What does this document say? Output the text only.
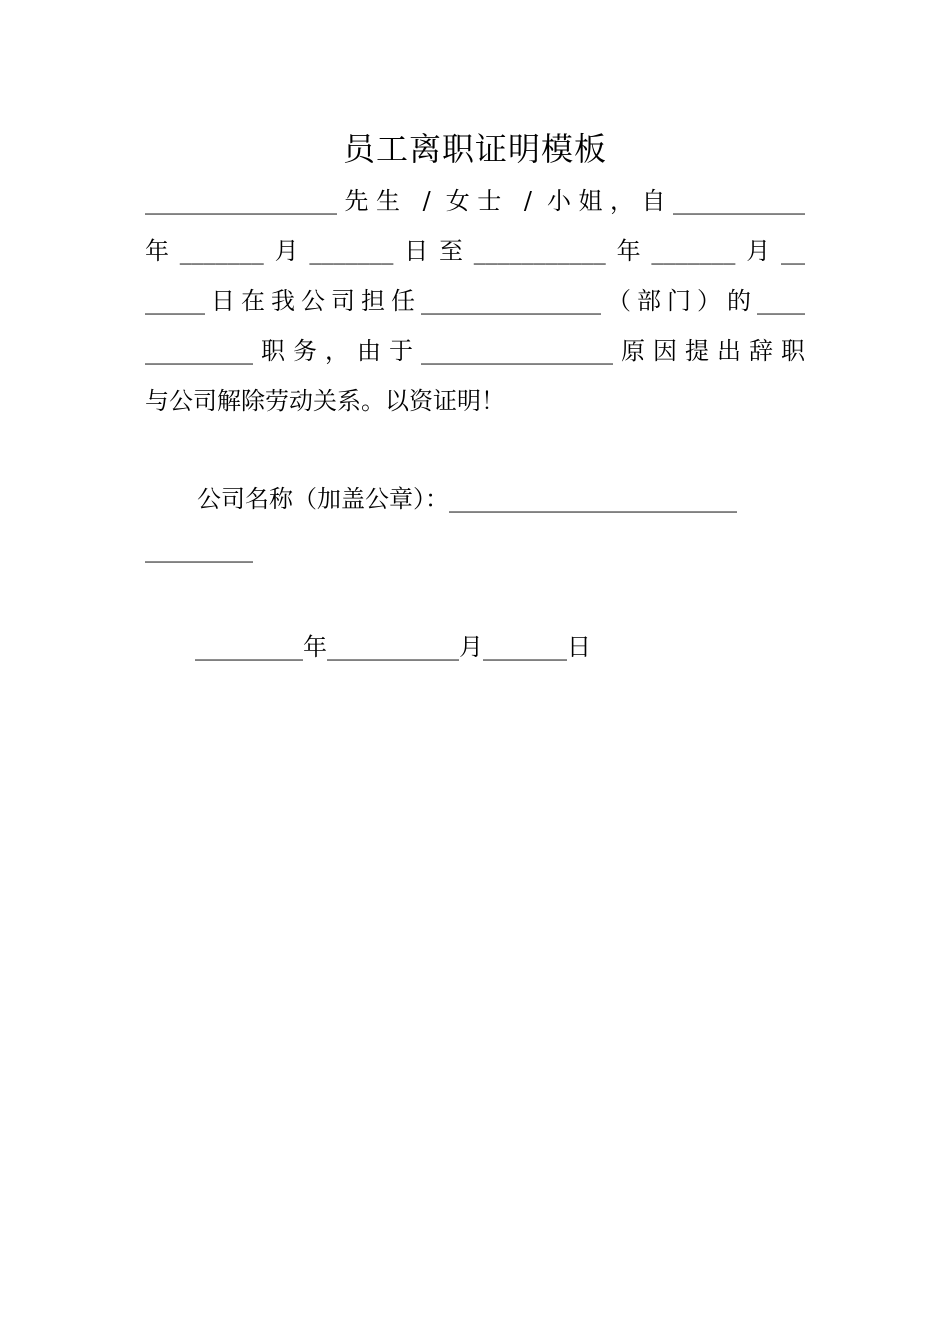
员工离职证明模板
________________先生 / 女士 / 小姐，自___________
年_______月_______日至___________年_______月__
_____日在我公司担任_______________（部门）的____
_________职务，由于________________原因提出辞职
与公司解除劳动关系。以资证明！
公司名称（加盖公章）：________________________
_________
_________年___________月_______日
